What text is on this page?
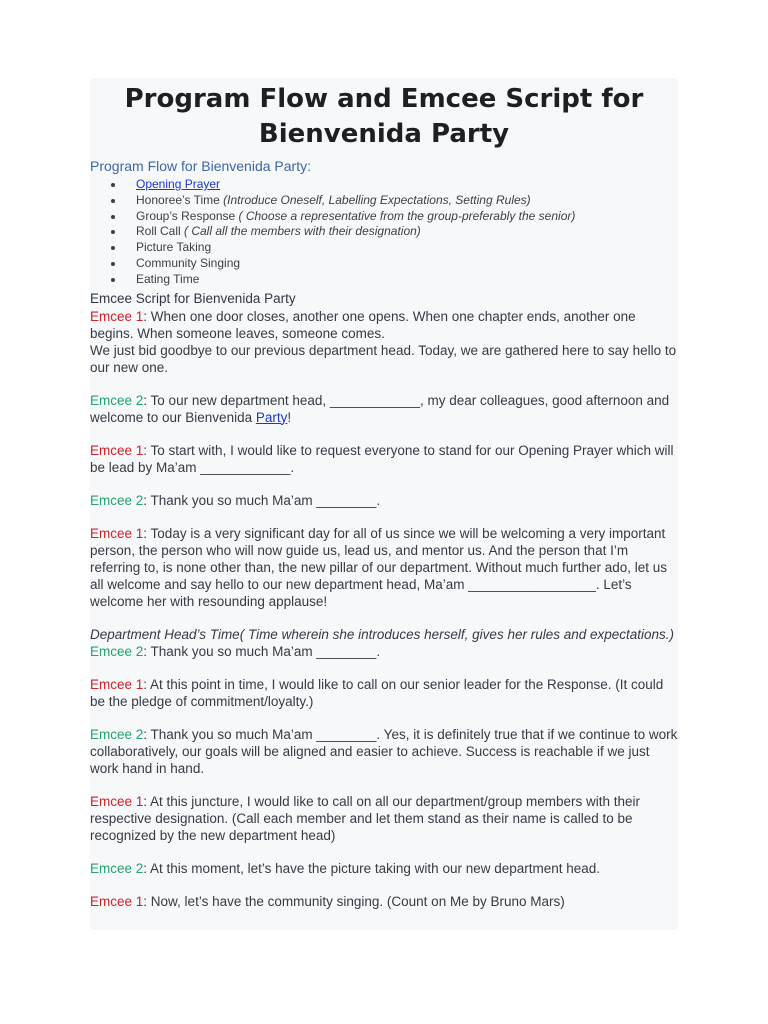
Program Flow and Emcee Script for Bienvenida Party
Program Flow for Bienvenida Party:
Opening Prayer
Honoree’s Time (Introduce Oneself, Labelling Expectations, Setting Rules)
Group’s Response ( Choose a representative from the group-preferably the senior)
Roll Call ( Call all the members with their designation)
Picture Taking
Community Singing
Eating Time
Emcee Script for Bienvenida Party

Emcee 1: When one door closes, another one opens. When one chapter ends, another one begins. When someone leaves, someone comes.

We just bid goodbye to our previous department head. Today, we are gathered here to say hello to our new one.

Emcee 2: To our new department head, ____________, my dear colleagues, good afternoon and welcome to our Bienvenida Party!

Emcee 1: To start with, I would like to request everyone to stand for our Opening Prayer which will be lead by Ma’am ____________.

Emcee 2: Thank you so much Ma’am ________.

Emcee 1: Today is a very significant day for all of us since we will be welcoming a very important person, the person who will now guide us, lead us, and mentor us. And the person that I’m referring to, is none other than, the new pillar of our department. Without much further ado, let us all welcome and say hello to our new department head, Ma’am _________________. Let’s welcome her with resounding applause!

Department Head’s Time( Time wherein she introduces herself, gives her rules and expectations.)

Emcee 2: Thank you so much Ma’am ________.

Emcee 1: At this point in time, I would like to call on our senior leader for the Response. (It could be the pledge of commitment/loyalty.)

Emcee 2: Thank you so much Ma’am ________. Yes, it is definitely true that if we continue to work collaboratively, our goals will be aligned and easier to achieve. Success is reachable if we just work hand in hand.

Emcee 1: At this juncture, I would like to call on all our department/group members with their respective designation. (Call each member and let them stand as their name is called to be recognized by the new department head)

Emcee 2: At this moment, let’s have the picture taking with our new department head.

Emcee 1: Now, let’s have the community singing. (Count on Me by Bruno Mars)
